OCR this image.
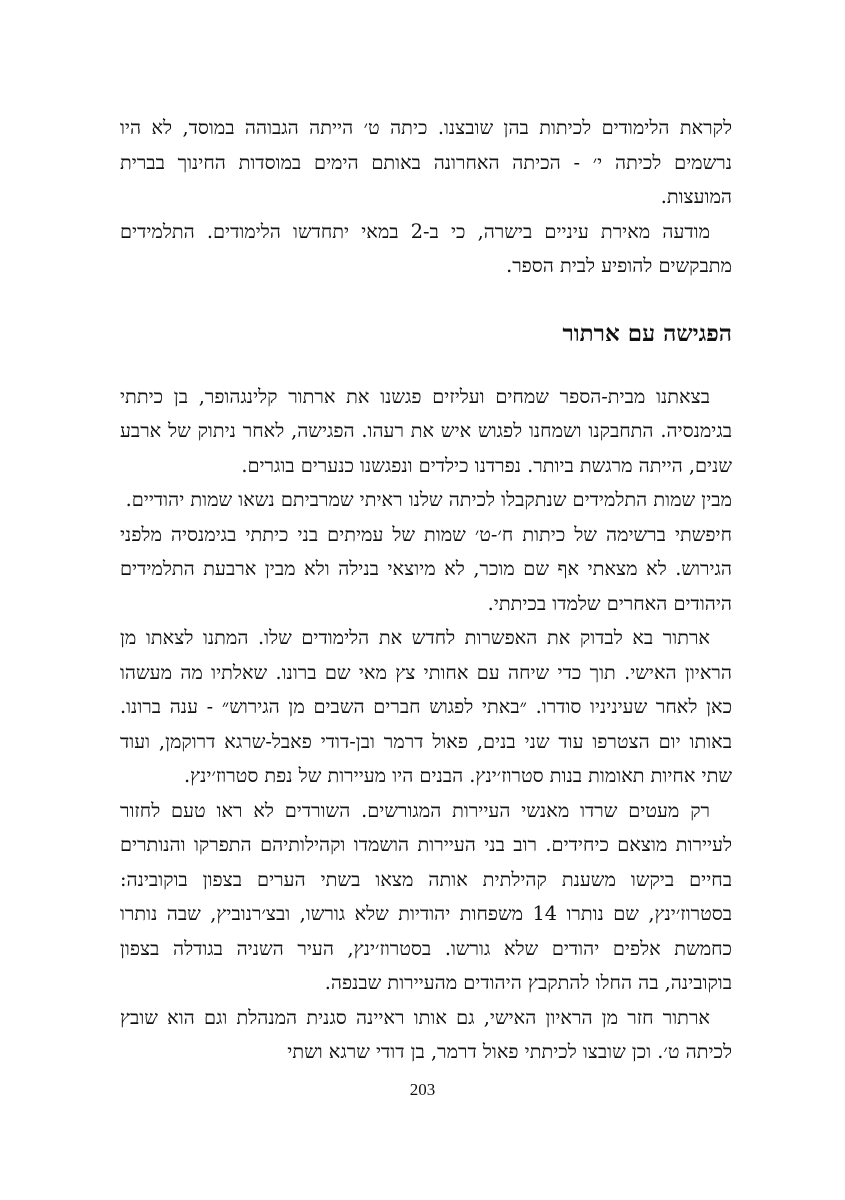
לקראת הלימודים לכיתות בהן שובצנו. כיתה ט׳ הייתה הגבוהה במוסד, לא היו נרשמים לכיתה י׳ - הכיתה האחרונה באותם הימים במוסדות החינוך בברית המועצות.

מודעה מאירת עיניים בישרה, כי ב-2 במאי יתחדשו הלימודים. התלמידים מתבקשים להופיע לבית הספר.

הפגישה עם ארתור

בצאתנו מבית-הספר שמחים ועליזים פגשנו את ארתור קלינגהופר, בן כיתתי בגימנסיה. התחבקנו ושמחנו לפגוש איש את רעהו. הפגישה, לאחר ניתוק של ארבע שנים, הייתה מרגשת ביותר. נפרדנו כילדים ונפגשנו כנערים בוגרים.

מבין שמות התלמידים שנתקבלו לכיתה שלנו ראיתי שמרביתם נשאו שמות יהודיים.

חיפשתי ברשימה של כיתות ח׳-ט׳ שמות של עמיתים בני כיתתי בגימנסיה מלפני הגירוש. לא מצאתי אף שם מוכר, לא מיוצאי בנילה ולא מבין ארבעת התלמידים היהודים האחרים שלמדו בכיתתי.

ארתור בא לבדוק את האפשרות לחדש את הלימודים שלו. המתנו לצאתו מן הראיון האישי. תוך כדי שיחה עם אחותי צץ מאי שם ברונו. שאלתיו מה מעשהו כאן לאחר שעיניניו סודרו. ״באתי לפגוש חברים השבים מן הגירוש״ - ענה ברונו. באותו יום הצטרפו עוד שני בנים, פאול דרמר ובן-דודי פאבל-שרגא דרוקמן, ועוד שתי אחיות תאומות בנות סטרוז׳ינץ. הבנים היו מעיירות של נפת סטרוז׳ינץ.

רק מעטים שרדו מאנשי העיירות המגורשים. השורדים לא ראו טעם לחזור לעיירות מוצאם כיחידים. רוב בני העיירות הושמדו וקהילותיהם התפרקו והנותרים בחיים ביקשו משענת קהילתית אותה מצאו בשתי הערים בצפון בוקובינה: בסטרוז׳ינץ, שם נותרו 14 משפחות יהודיות שלא גורשו, ובצ׳רנוביץ, שבה נותרו כחמשת אלפים יהודים שלא גורשו. בסטרוז׳ינץ, העיר השניה בגודלה בצפון בוקובינה, בה החלו להתקבץ היהודים מהעיירות שבנפה.

ארתור חזר מן הראיון האישי, גם אותו ראיינה סגנית המנהלת וגם הוא שובץ לכיתה ט׳. וכן שובצו לכיתתי פאול דרמר, בן דודי שרגא ושתי

203
